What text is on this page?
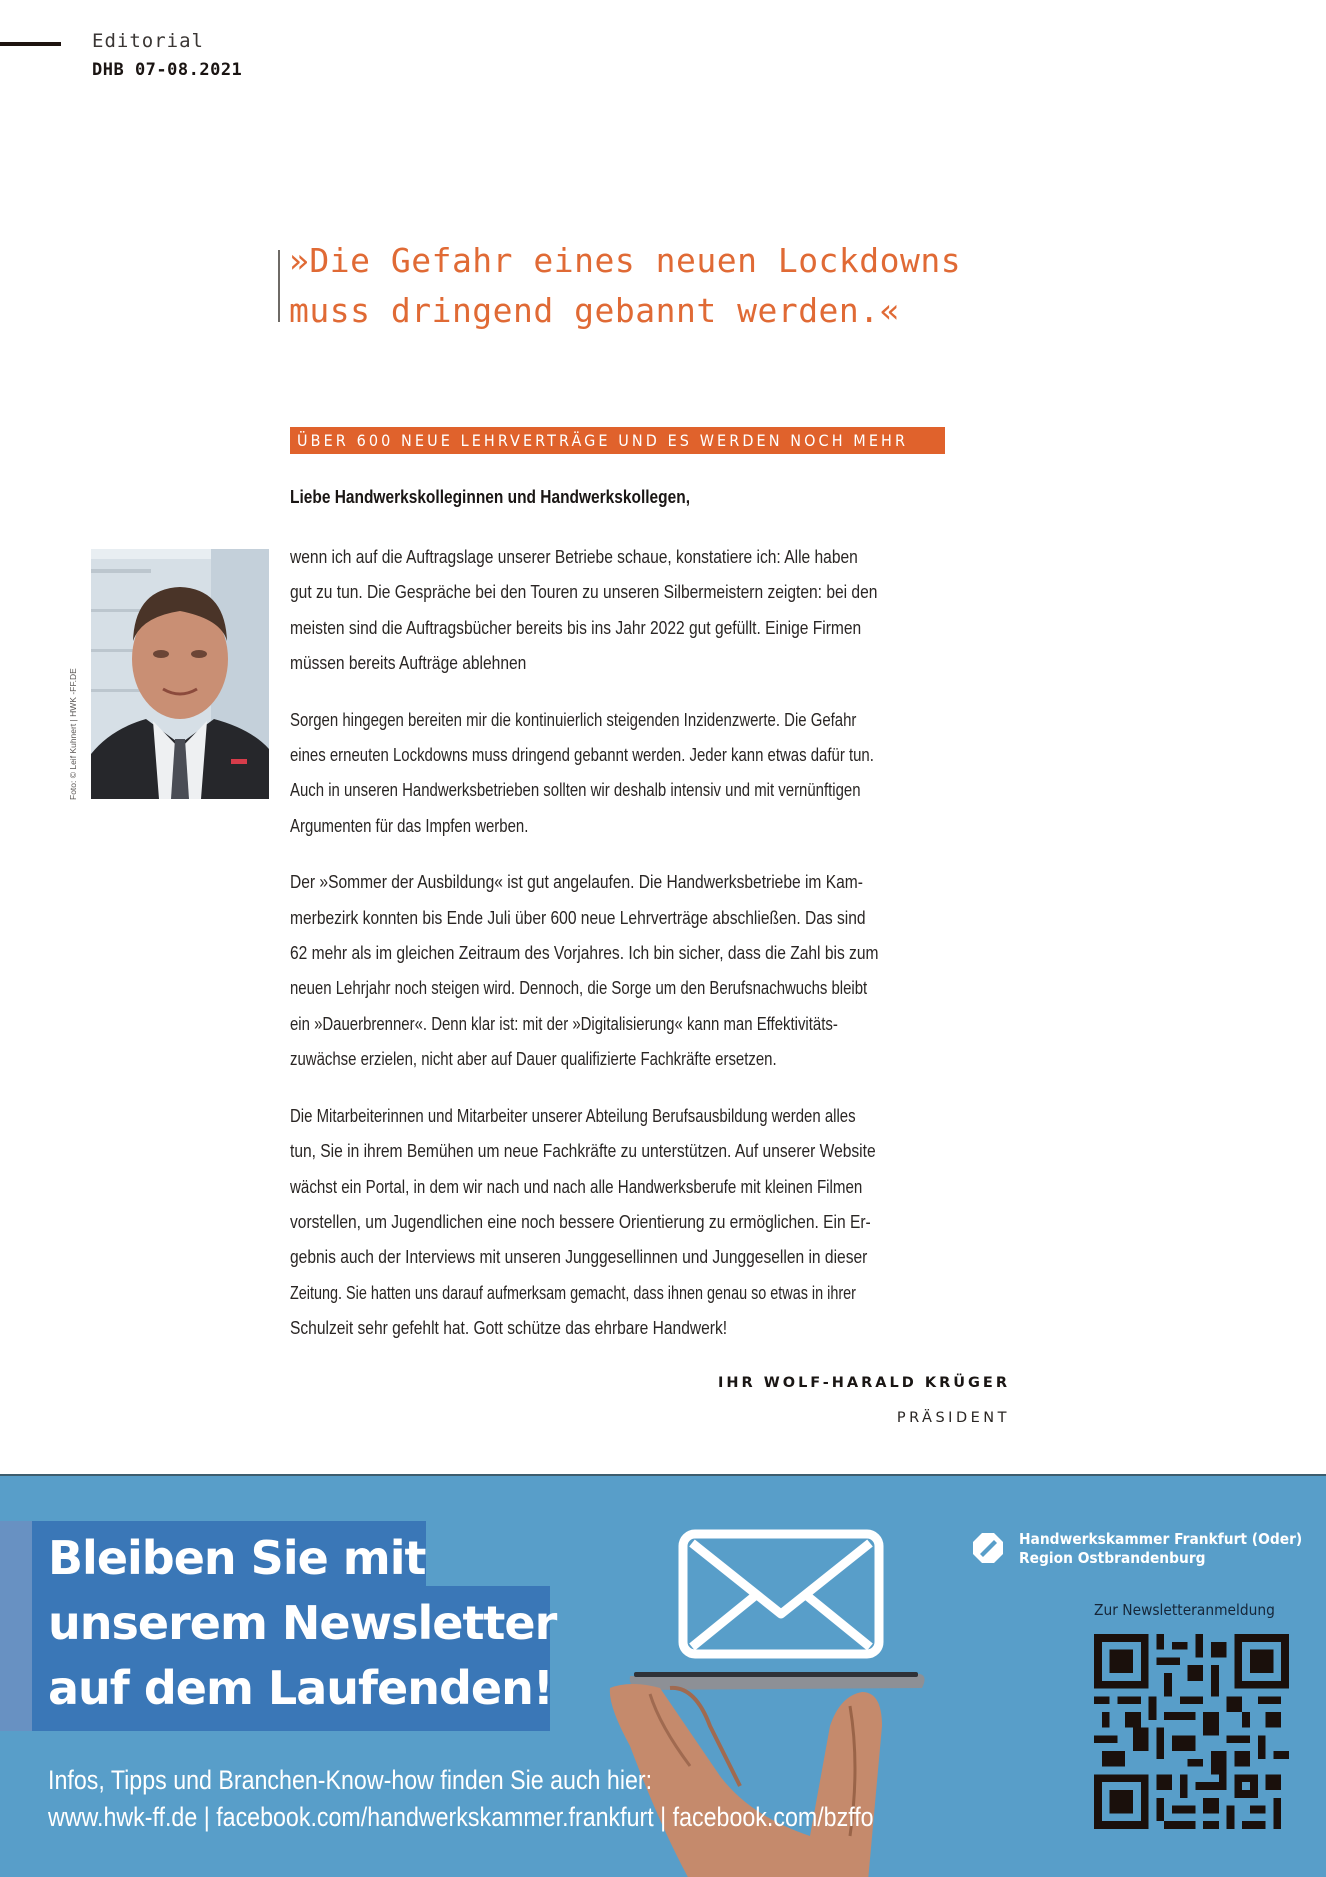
Editorial
DHB 07-08.2021
»Die Gefahr eines neuen Lockdowns
muss dringend gebannt werden.«
ÜBER 600 NEUE LEHRVERTRÄGE UND ES WERDEN NOCH MEHR
Liebe Handwerkskolleginnen und Handwerkskollegen,
Foto: © Leif Kuhnert | HWK -FF.DE
wenn ich auf die Auftragslage unserer Betriebe schaue, konstatiere ich: Alle haben
gut zu tun. Die Gespräche bei den Touren zu unseren Silbermeistern zeigten: bei den
meisten sind die Auftragsbücher bereits bis ins Jahr 2022 gut gefüllt. Einige Firmen
müssen bereits Aufträge ablehnen
Sorgen hingegen bereiten mir die kontinuierlich steigenden Inzidenzwerte. Die Gefahr
eines erneuten Lockdowns muss dringend gebannt werden. Jeder kann etwas dafür tun.
Auch in unseren Handwerksbetrieben sollten wir deshalb intensiv und mit vernünftigen
Argumenten für das Impfen werben.
Der »Sommer der Ausbildung« ist gut angelaufen. Die Handwerksbetriebe im Kam-
merbezirk konnten bis Ende Juli über 600 neue Lehrverträge abschließen. Das sind
62 mehr als im gleichen Zeitraum des Vorjahres. Ich bin sicher, dass die Zahl bis zum
neuen Lehrjahr noch steigen wird. Dennoch, die Sorge um den Berufsnachwuchs bleibt
ein »Dauerbrenner«. Denn klar ist: mit der »Digitalisierung« kann man Effektivitäts-
zuwächse erzielen, nicht aber auf Dauer qualifizierte Fachkräfte ersetzen.
Die Mitarbeiterinnen und Mitarbeiter unserer Abteilung Berufsausbildung werden alles
tun, Sie in ihrem Bemühen um neue Fachkräfte zu unterstützen. Auf unserer Website
wächst ein Portal, in dem wir nach und nach alle Handwerksberufe mit kleinen Filmen
vorstellen, um Jugendlichen eine noch bessere Orientierung zu ermöglichen. Ein Er-
gebnis auch der Interviews mit unseren Junggesellinnen und Junggesellen in dieser
Zeitung. Sie hatten uns darauf aufmerksam gemacht, dass ihnen genau so etwas in ihrer
Schulzeit sehr gefehlt hat. Gott schütze das ehrbare Handwerk!
IHR WOLF-HARALD KRÜGER
PRÄSIDENT
Bleiben Sie mit
unserem Newsletter
auf dem Laufenden!
Infos, Tipps und Branchen-Know-how finden Sie auch hier:
www.hwk-ff.de | facebook.com/handwerkskammer.frankfurt | facebook.com/bzffo
Handwerkskammer Frankfurt (Oder)
Region Ostbrandenburg
Zur Newsletteranmeldung
